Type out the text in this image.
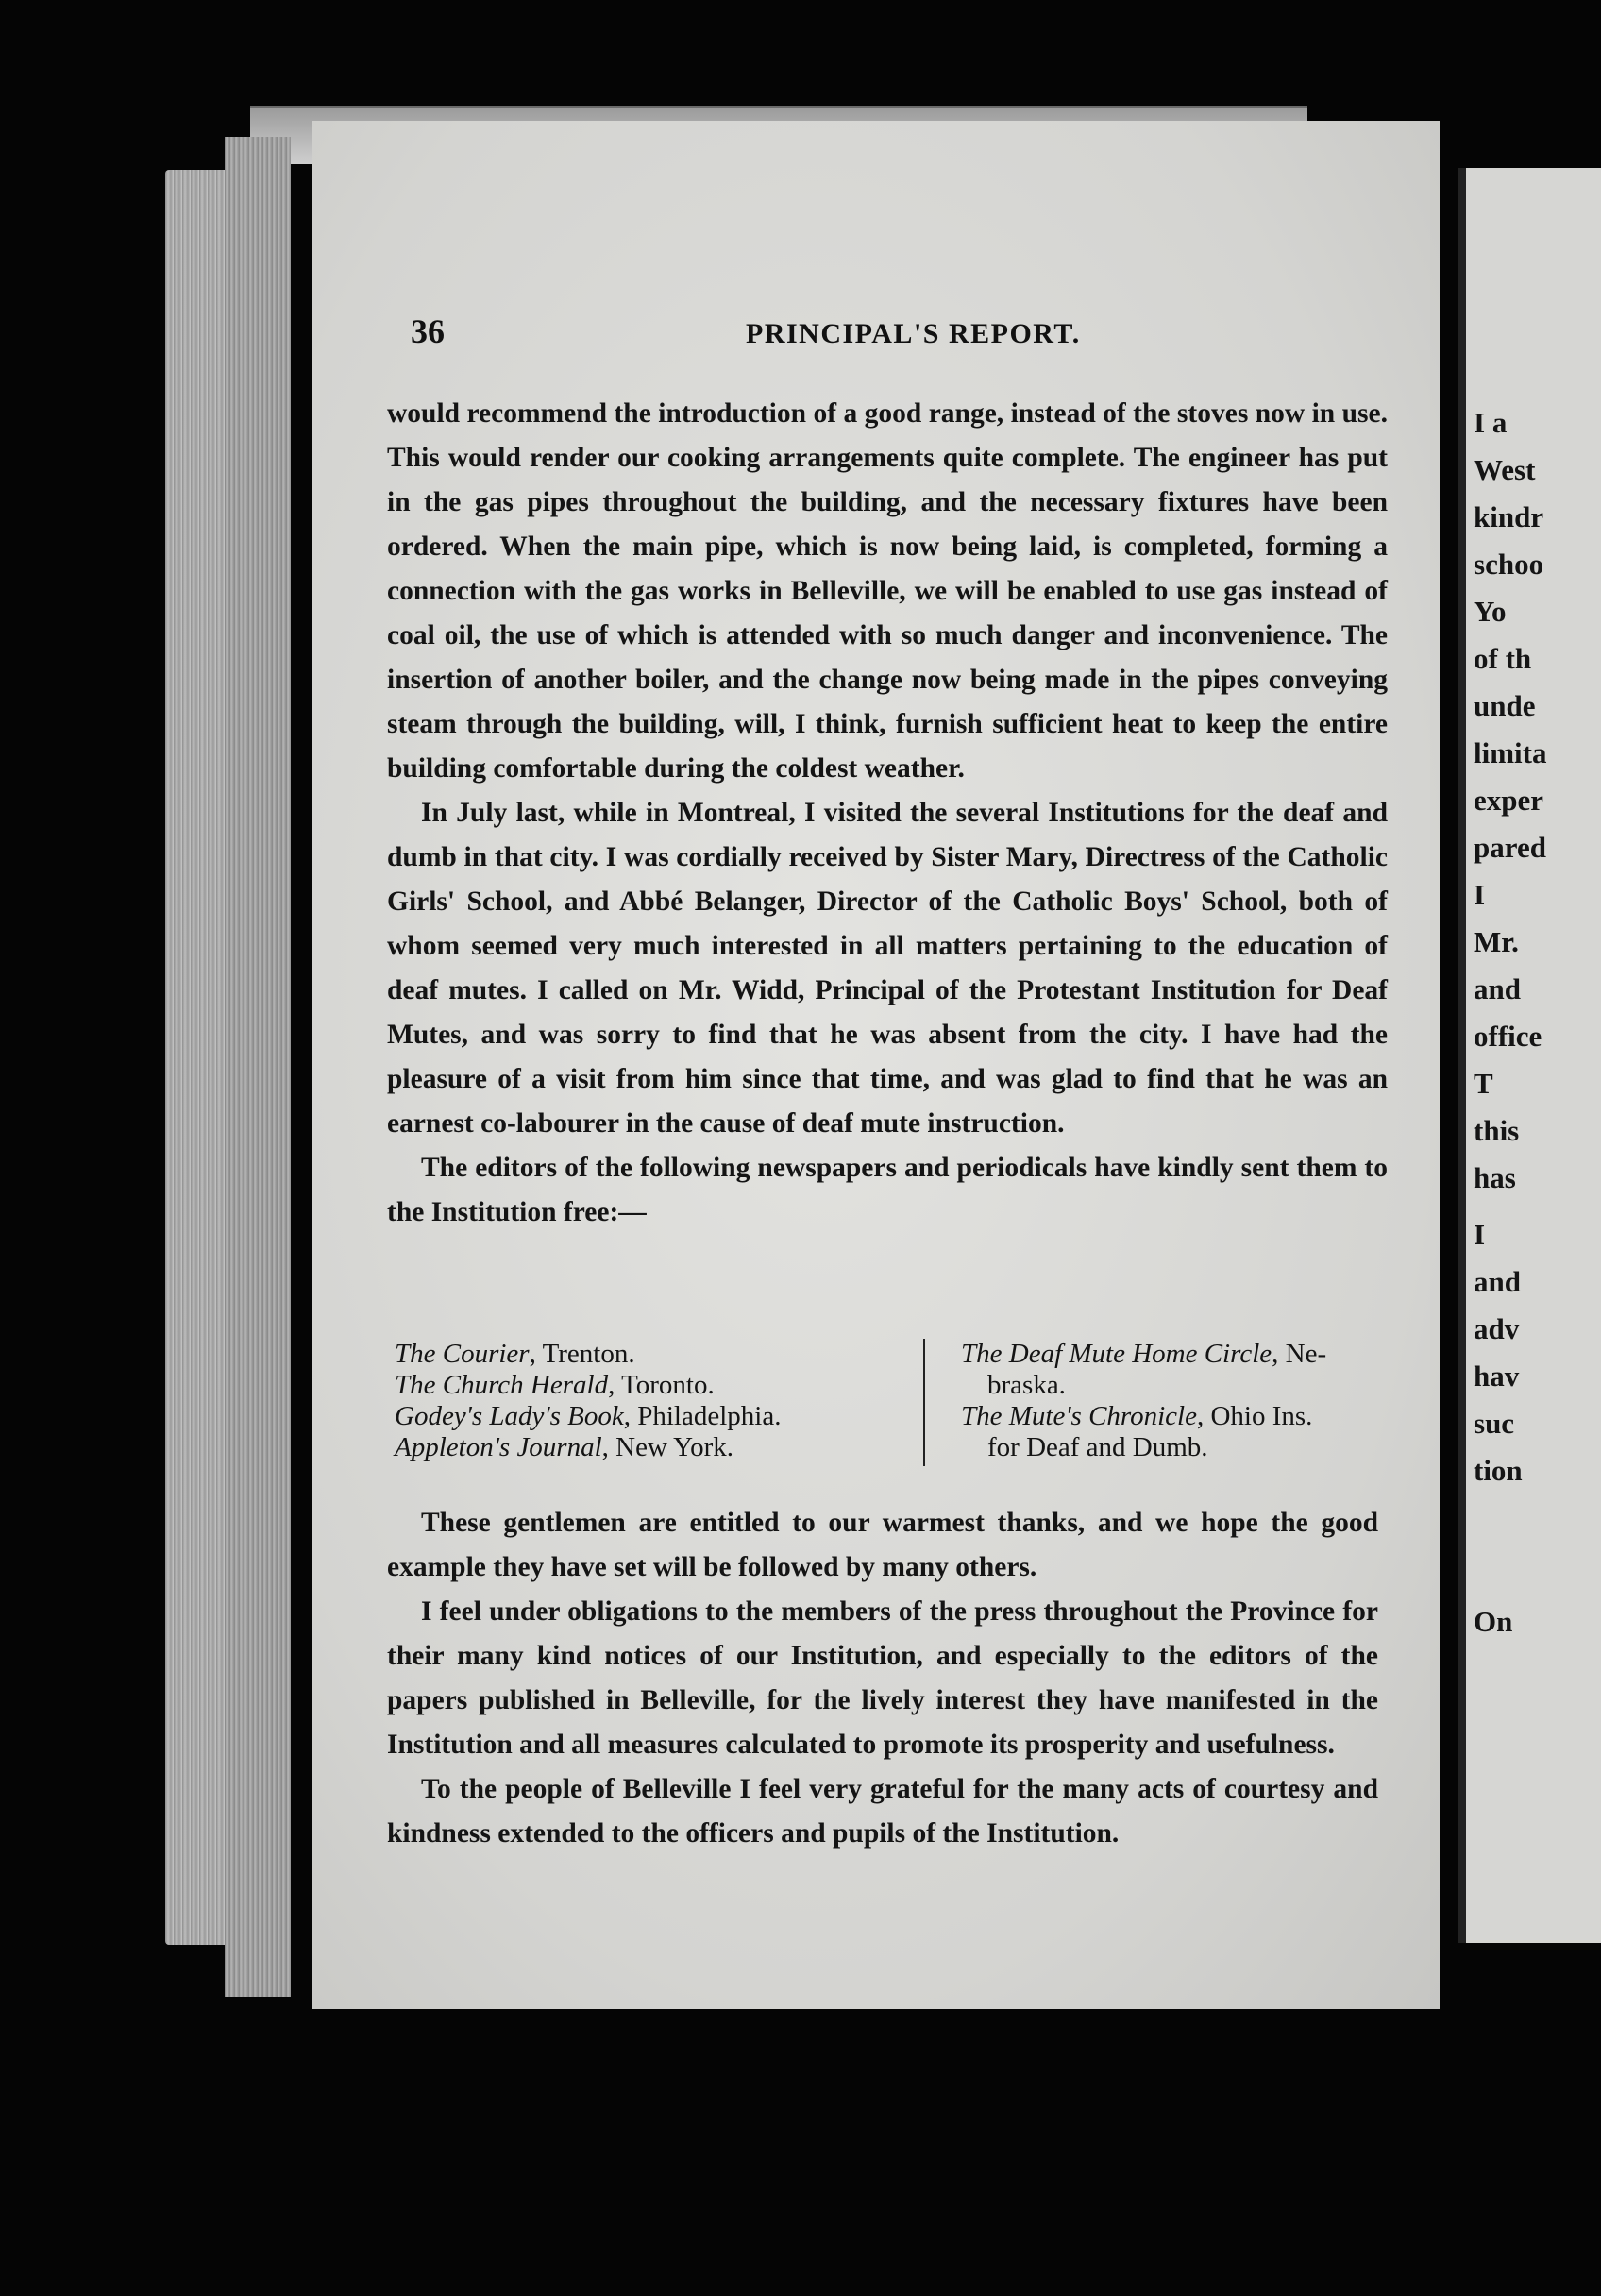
I a
West
kindr
schoo
Yo
of th
unde
limita
exper
pared
I
Mr.
and
office
T
this
has
I
and
adv
hav
suc
tion
On
36	PRINCIPAL'S REPORT.

would recommend the introduction of a good range, instead of the stoves now in use. This would render our cooking arrangements quite complete. The engineer has put in the gas pipes throughout the building, and the necessary fixtures have been ordered. When the main pipe, which is now being laid, is completed, forming a connection with the gas works in Belleville, we will be enabled to use gas instead of coal oil, the use of which is attended with so much danger and inconvenience. The insertion of another boiler, and the change now being made in the pipes conveying steam through the building, will, I think, furnish sufficient heat to keep the entire building comfortable during the coldest weather.

In July last, while in Montreal, I visited the several Institutions for the deaf and dumb in that city. I was cordially received by Sister Mary, Directress of the Catholic Girls' School, and Abbé Belanger, Director of the Catholic Boys' School, both of whom seemed very much interested in all matters pertaining to the education of deaf mutes. I called on Mr. Widd, Principal of the Protestant Institution for Deaf Mutes, and was sorry to find that he was absent from the city. I have had the pleasure of a visit from him since that time, and was glad to find that he was an earnest co-labourer in the cause of deaf mute instruction.

The editors of the following newspapers and periodicals have kindly sent them to the Institution free:—

The Courier, Trenton.
The Church Herald, Toronto.
Godey's Lady's Book, Philadelphia.
Appleton's Journal, New York.
The Deaf Mute Home Circle, Ne-
braska.
The Mute's Chronicle, Ohio Ins.
for Deaf and Dumb.

These gentlemen are entitled to our warmest thanks, and we hope the good example they have set will be followed by many others.

I feel under obligations to the members of the press throughout the Province for their many kind notices of our Institution, and especially to the editors of the papers published in Belleville, for the lively interest they have manifested in the Institution and all measures calculated to promote its prosperity and usefulness.

To the people of Belleville I feel very grateful for the many acts of courtesy and kindness extended to the officers and pupils of the Institution.
